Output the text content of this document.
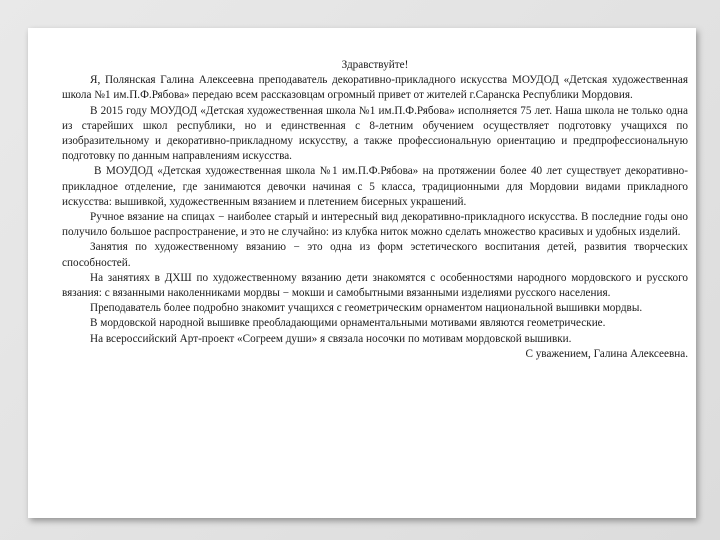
Здравствуйте!

Я, Полянская Галина Алексеевна преподаватель декоративно-прикладного искусства МОУДОД «Детская художественная школа №1 им.П.Ф.Рябова» передаю всем рассказовцам огромный привет от жителей г.Саранска Республики Мордовия.

В 2015 году МОУДОД «Детская художественная школа №1 им.П.Ф.Рябова» исполняется 75 лет. Наша школа не только одна из старейших школ республики, но и единственная с 8-летним обучением осуществляет подготовку учащихся по изобразительному и декоративно-прикладному искусству, а также профессиональную ориентацию и предпрофессиональную подготовку по данным направлениям искусства.

В МОУДОД «Детская художественная школа №1 им.П.Ф.Рябова» на протяжении более 40 лет существует декоративно-прикладное отделение, где занимаются девочки начиная с 5 класса, традиционными для Мордовии видами прикладного искусства: вышивкой, художественным вязанием и плетением бисерных украшений.

Ручное вязание на спицах − наиболее старый и интересный вид декоративно-прикладного искусства. В последние годы оно получило большое распространение, и это не случайно: из клубка ниток можно сделать множество красивых и удобных изделий.

Занятия по художественному вязанию − это одна из форм эстетического воспитания детей, развития творческих способностей.

На занятиях в ДХШ по художественному вязанию дети знакомятся с особенностями народного мордовского и русского вязания: с вязанными наколенниками мордвы − мокши и самобытными вязанными изделиями русского населения.

Преподаватель более подробно знакомит учащихся с геометрическим орнаментом национальной вышивки мордвы.

В мордовской народной вышивке преобладающими орнаментальными мотивами являются геометрические.

На всероссийский Арт-проект «Согреем души» я связала носочки по мотивам мордовской вышивки.

С уважением, Галина Алексеевна.
